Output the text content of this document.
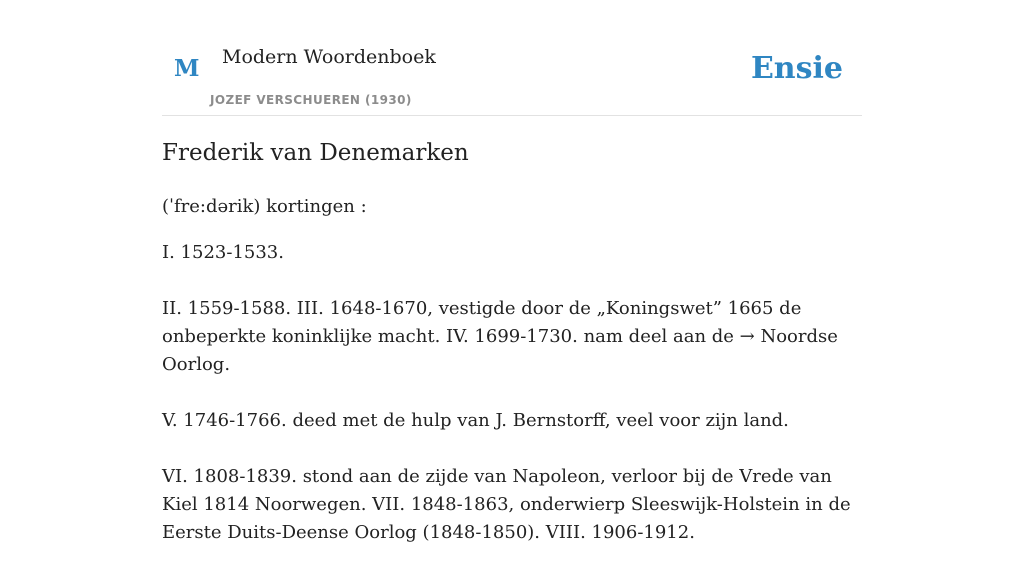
M Modern Woordenboek
JOZEF VERSCHUEREN (1930)
Ensie
Frederik van Denemarken

(ˈfre:dərik) kortingen :

I. 1523-1533.

II. 1559-1588. III. 1648-1670, vestigde door de „Koningswet” 1665 de onbeperkte koninklijke macht. IV. 1699-1730. nam deel aan de → Noordse Oorlog.

V. 1746-1766. deed met de hulp van J. Bernstorff, veel voor zijn land.

VI. 1808-1839. stond aan de zijde van Napoleon, verloor bij de Vrede van Kiel 1814 Noorwegen. VII. 1848-1863, onderwierp Sleeswijk-Holstein in de Eerste Duits-Deense Oorlog (1848-1850). VIII. 1906-1912.
